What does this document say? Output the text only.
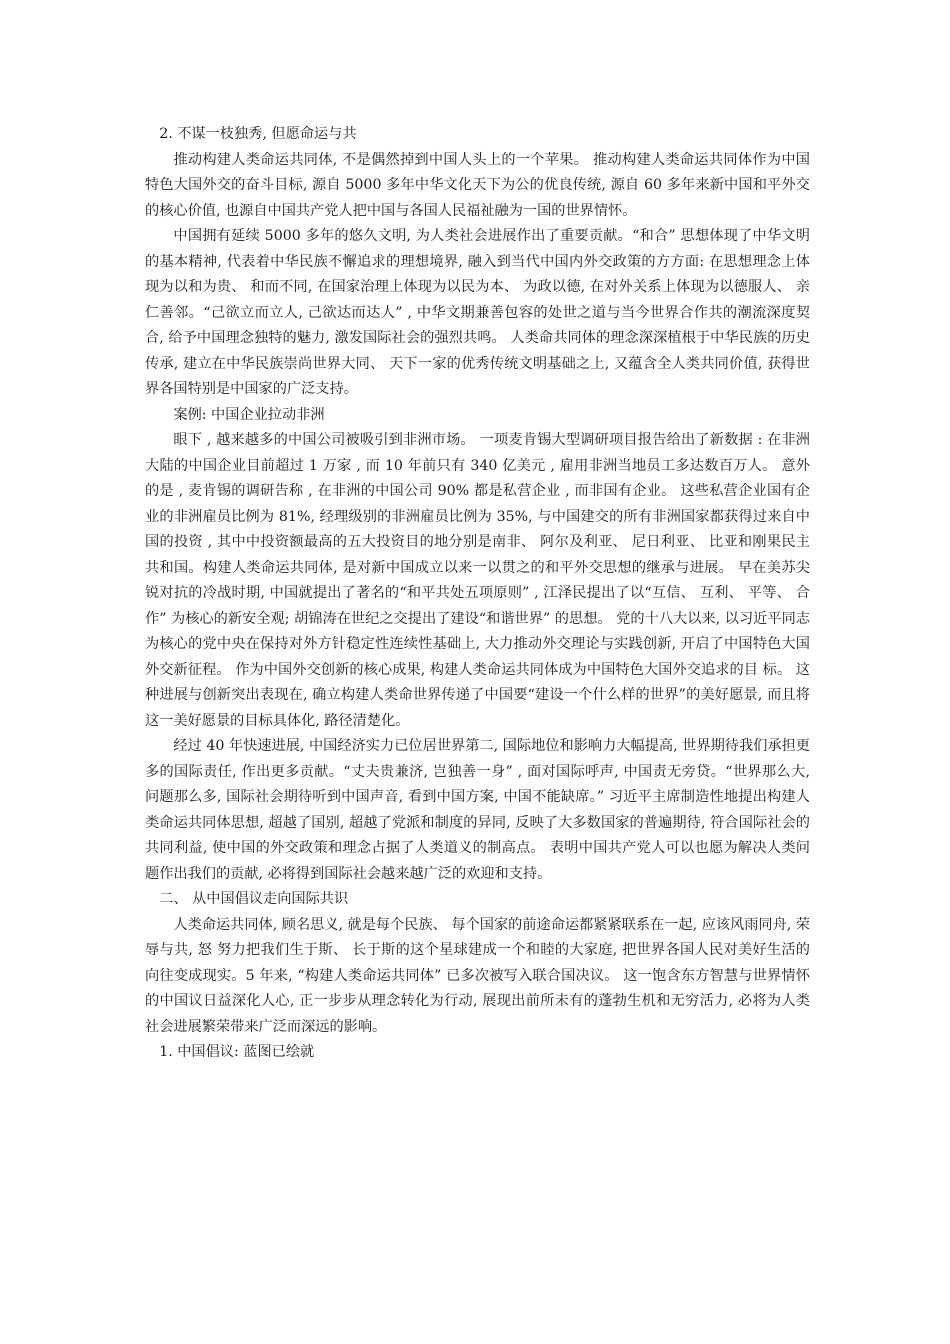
2. 不谋一枝独秀, 但愿命运与共

推动构建人类命运共同体, 不是偶然掉到中国人头上的一个苹果。 推动构建人类命运共同体作为中国特色大国外交的奋斗目标, 源自 5000 多年中华文化天下为公的优良传统, 源自 60 多年来新中国和平外交的核心价值, 也源自中国共产党人把中国与各国人民福祉融为一国的世界情怀。

中国拥有延续 5000 多年的悠久文明, 为人类社会进展作出了重要贡献。“和合” 思想体现了中华文明的基本精神, 代表着中华民族不懈追求的理想境界, 融入到当代中国内外交政策的方方面: 在思想理念上体现为以和为贵、 和而不同, 在国家治理上体现为以民为本、 为政以德, 在对外关系上体现为以德服人、 亲仁善邻。“己欲立而立人, 己欲达而达人” , 中华文期兼善包容的处世之道与当今世界合作共的潮流深度契合, 给予中国理念独特的魅力, 激发国际社会的强烈共鸣。 人类命共同体的理念深深植根于中华民族的历史传承, 建立在中华民族崇尚世界大同、 天下一家的优秀传统文明基础之上, 又蕴含全人类共同价值, 获得世界各国特别是中国家的广泛支持。

案例: 中国企业拉动非洲

眼下 , 越来越多的中国公司被吸引到非洲市场。 一项麦肯锡大型调研项目报告给出了新数据 : 在非洲大陆的中国企业目前超过 1 万家 , 而 10 年前只有 340 亿美元 , 雇用非洲当地员工多达数百万人。 意外的是 , 麦肯锡的调研告称 , 在非洲的中国公司 90% 都是私营企业 , 而非国有企业。 这些私营企业国有企业的非洲雇员比例为 81%, 经理级别的非洲雇员比例为 35%, 与中国建交的所有非洲国家都获得过来自中国的投资 , 其中中投资额最高的五大投资目的地分别是南非、 阿尔及利亚、 尼日利亚、 比亚和刚果民主共和国。构建人类命运共同体, 是对新中国成立以来一以贯之的和平外交思想的继承与进展。 早在美苏尖锐对抗的冷战时期, 中国就提出了著名的“和平共处五项原则” , 江泽民提出了以“互信、 互利、 平等、 合作” 为核心的新安全观; 胡锦涛在世纪之交提出了建设“和谐世界” 的思想。 党的十八大以来, 以习近平同志为核心的党中央在保持对外方针稳定性连续性基础上, 大力推动外交理论与实践创新, 开启了中国特色大国外交新征程。 作为中国外交创新的核心成果, 构建人类命运共同体成为中国特色大国外交追求的目 标。 这种进展与创新突出表现在, 确立构建人类命世界传递了中国要“建设一个什么样的世界”的美好愿景, 而且将这一美好愿景的目标具体化, 路径清楚化。

经过 40 年快速进展, 中国经济实力已位居世界第二, 国际地位和影响力大幅提高, 世界期待我们承担更多的国际责任, 作出更多贡献。“丈夫贵兼济, 岂独善一身” , 面对国际呼声, 中国责无旁贷。“世界那么大, 问题那么多, 国际社会期待听到中国声音, 看到中国方案, 中国不能缺席。” 习近平主席制造性地提出构建人类命运共同体思想, 超越了国别, 超越了党派和制度的异同, 反映了大多数国家的普遍期待, 符合国际社会的共同利益, 使中国的外交政策和理念占据了人类道义的制高点。 表明中国共产党人可以也愿为解决人类问题作出我们的贡献, 必将得到国际社会越来越广泛的欢迎和支持。

二、 从中国倡议走向国际共识

人类命运共同体, 顾名思义, 就是每个民族、 每个国家的前途命运都紧紧联系在一起, 应该风雨同舟, 荣辱与共, 怒 努力把我们生于斯、 长于斯的这个星球建成一个和睦的大家庭, 把世界各国人民对美好生活的向往变成现实。5 年来, “构建人类命运共同体” 已多次被写入联合国决议。 这一饱含东方智慧与世界情怀的中国议日益深化人心, 正一步步从理念转化为行动, 展现出前所未有的蓬勃生机和无穷活力, 必将为人类社会进展繁荣带来广泛而深远的影响。

1. 中国倡议: 蓝图已绘就
